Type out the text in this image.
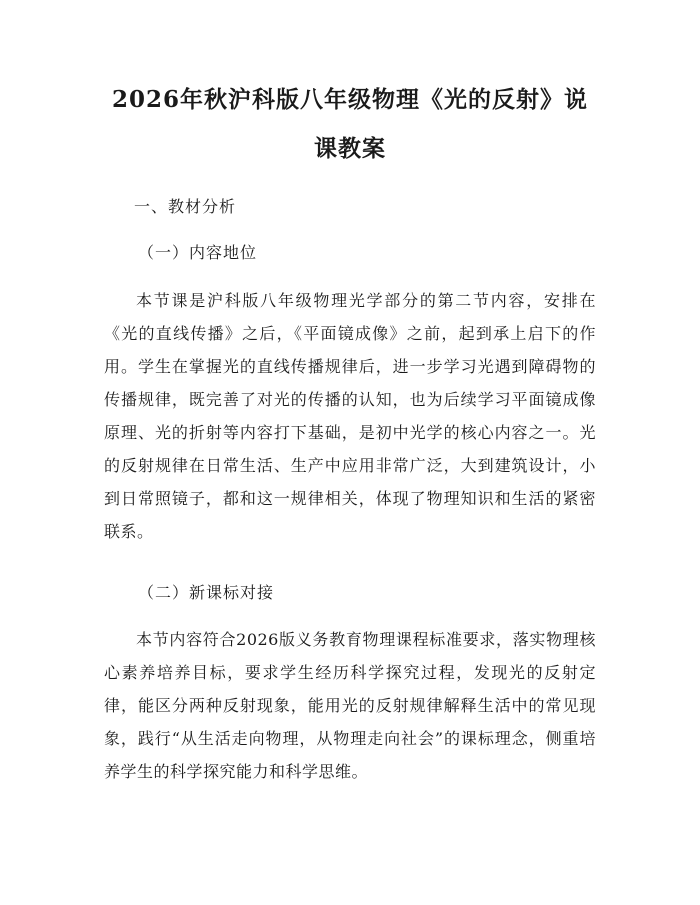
2026年秋沪科版八年级物理《光的反射》说
课教案
一、教材分析
（一）内容地位

本节课是沪科版八年级物理光学部分的第二节内容，安排在《光的直线传播》之后，《平面镜成像》之前，起到承上启下的作用。学生在掌握光的直线传播规律后，进一步学习光遇到障碍物的传播规律，既完善了对光的传播的认知，也为后续学习平面镜成像原理、光的折射等内容打下基础，是初中光学的核心内容之一。光的反射规律在日常生活、生产中应用非常广泛，大到建筑设计，小到日常照镜子，都和这一规律相关，体现了物理知识和生活的紧密联系。

（二）新课标对接

本节内容符合2026版义务教育物理课程标准要求，落实物理核心素养培养目标，要求学生经历科学探究过程，发现光的反射定律，能区分两种反射现象，能用光的反射规律解释生活中的常见现象，践行“从生活走向物理，从物理走向社会”的课标理念，侧重培养学生的科学探究能力和科学思维。
